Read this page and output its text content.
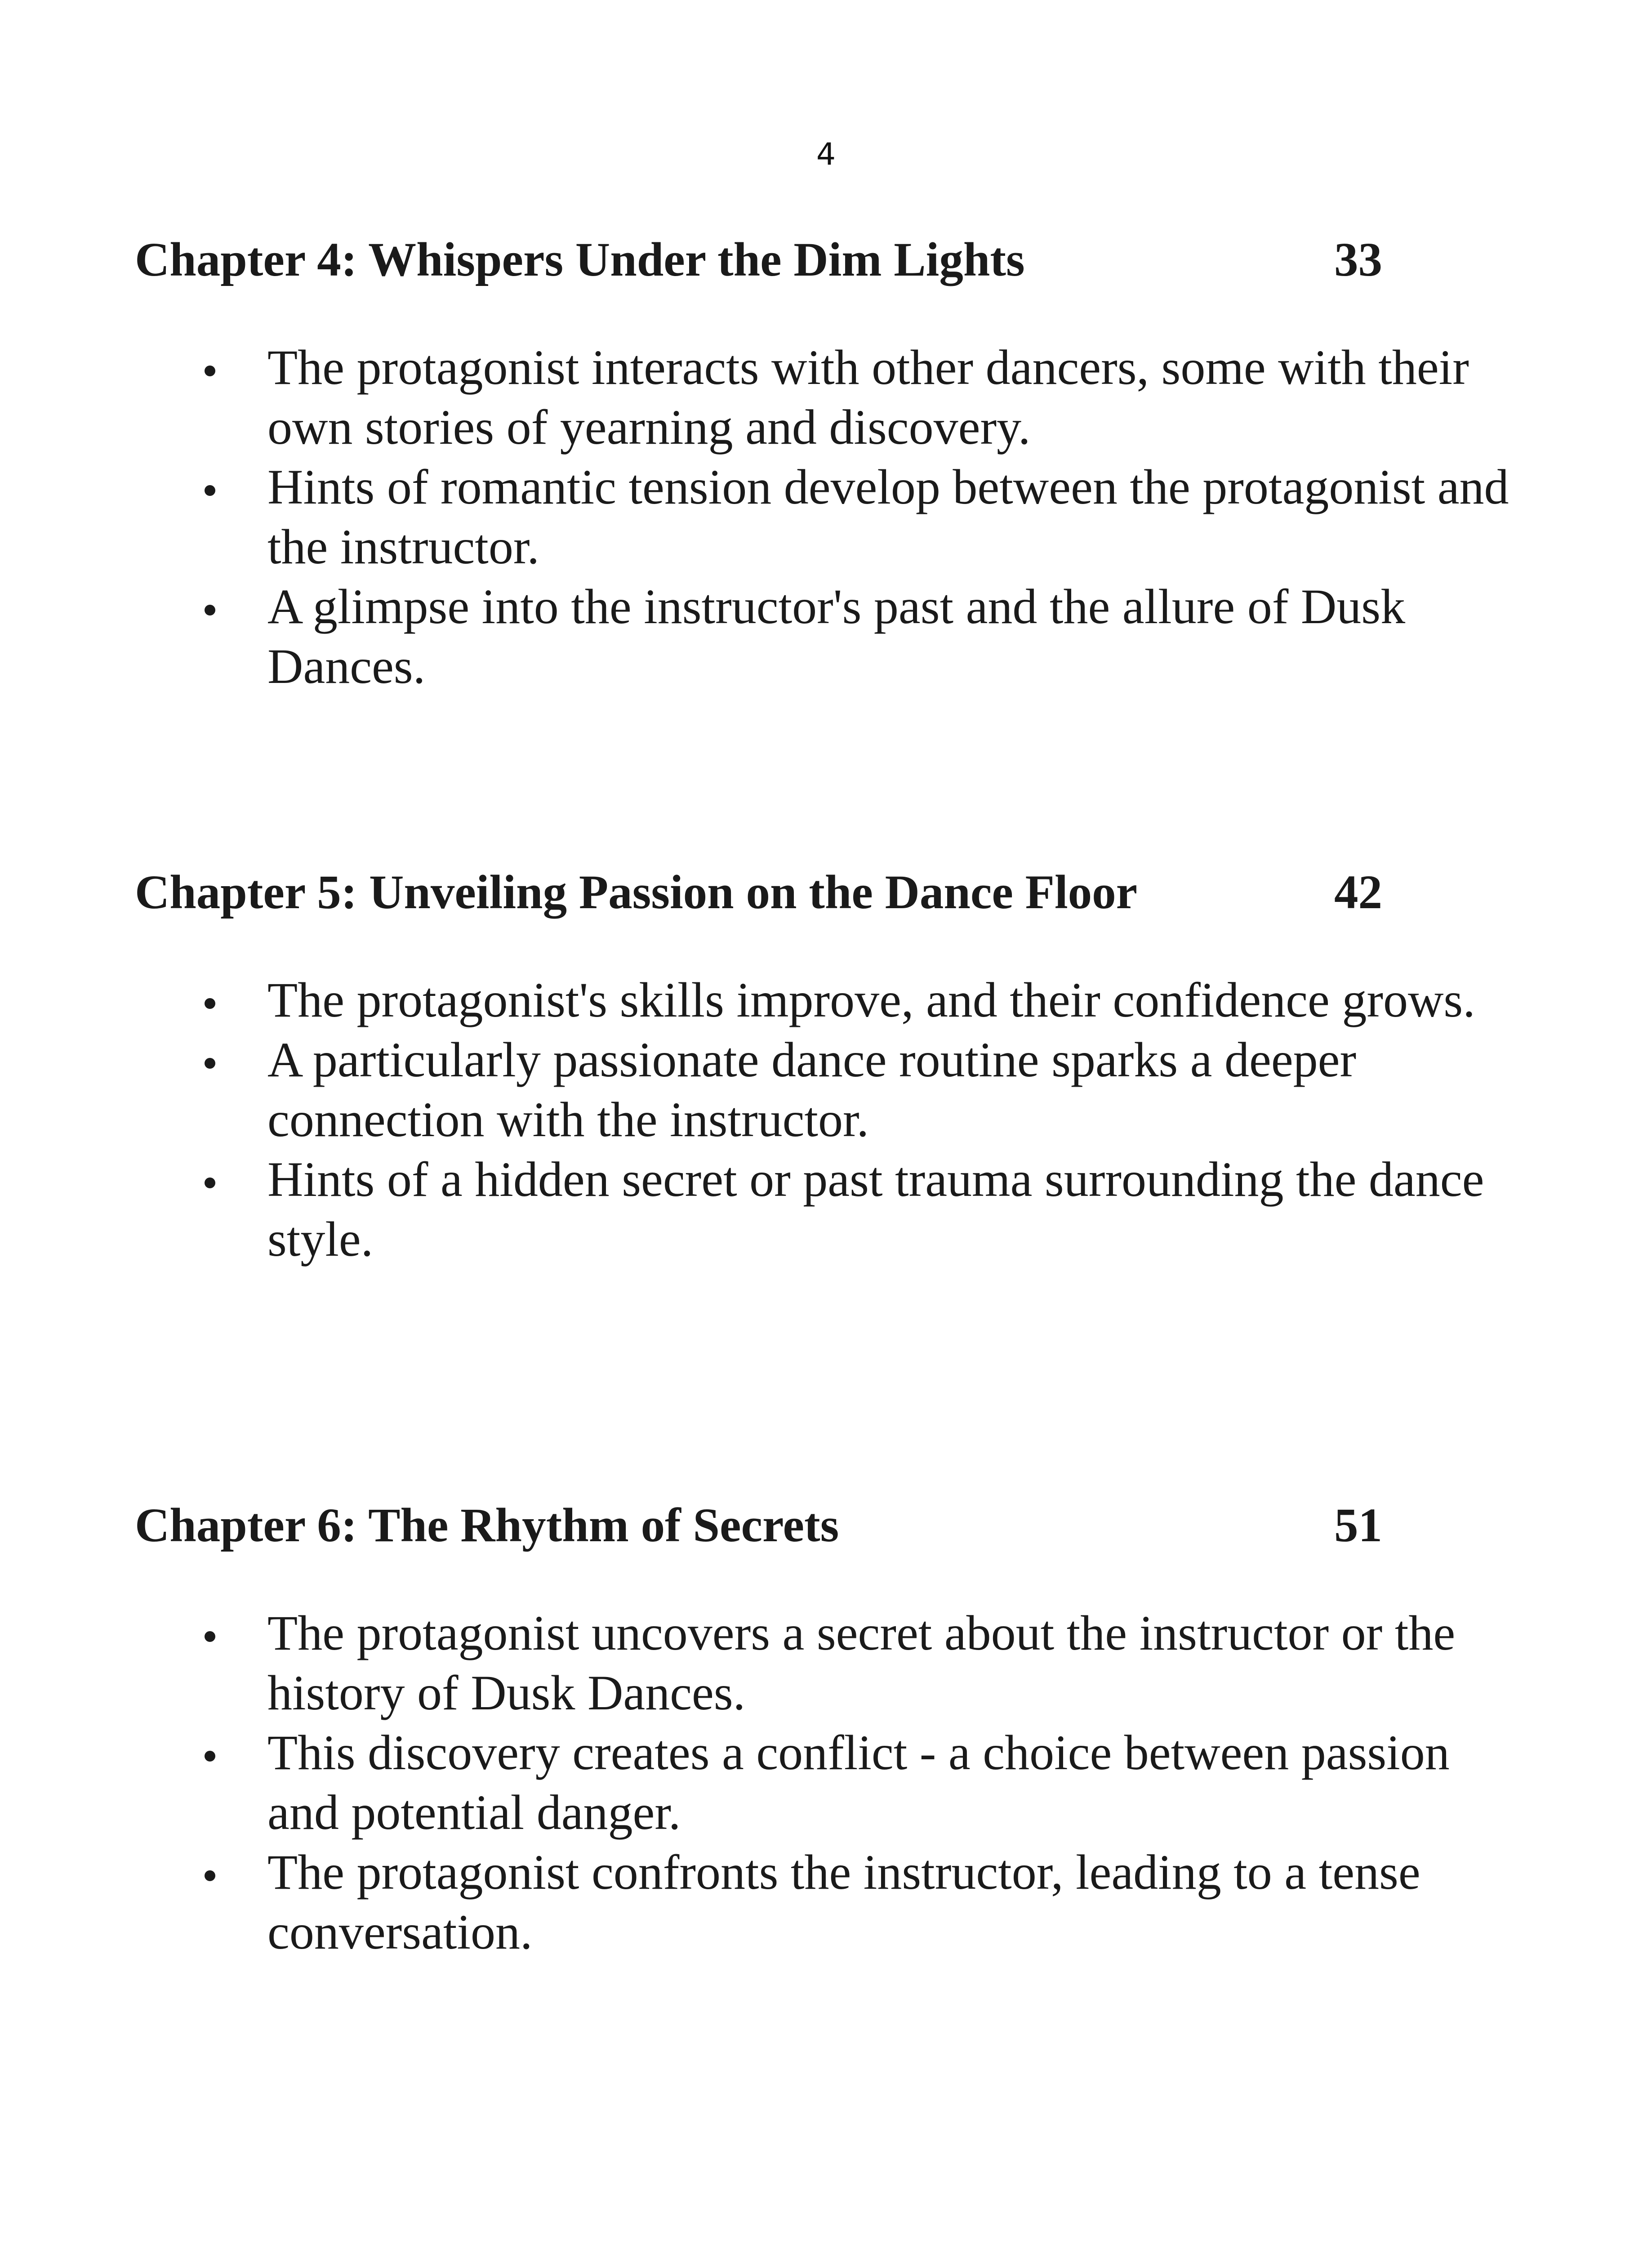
4
Chapter 4: Whispers Under the Dim Lights	33
The protagonist interacts with other dancers, some with their own stories of yearning and discovery.
Hints of romantic tension develop between the protagonist and the instructor.
A glimpse into the instructor's past and the allure of Dusk Dances.
Chapter 5: Unveiling Passion on the Dance Floor	42
The protagonist's skills improve, and their confidence grows.
A particularly passionate dance routine sparks a deeper connection with the instructor.
Hints of a hidden secret or past trauma surrounding the dance style.
Chapter 6: The Rhythm of Secrets	51
The protagonist uncovers a secret about the instructor or the history of Dusk Dances.
This discovery creates a conflict - a choice between passion and potential danger.
The protagonist confronts the instructor, leading to a tense conversation.
